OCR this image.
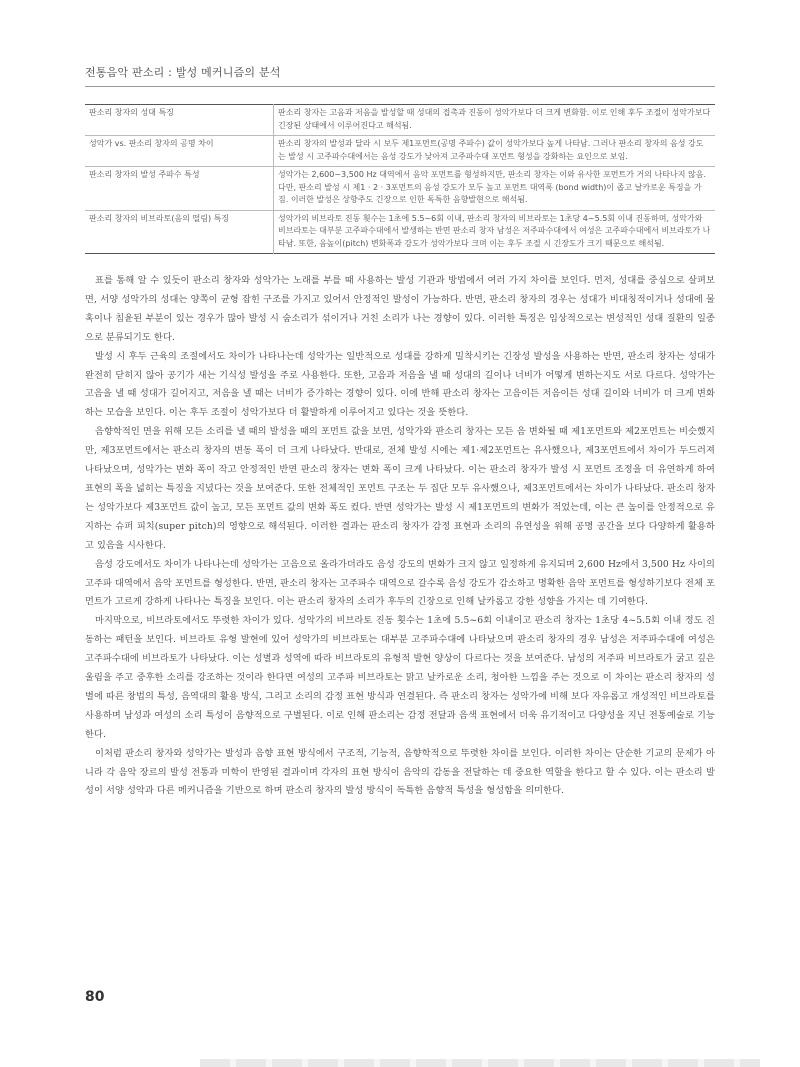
전통음악 판소리 : 발성 메커니즘의 분석
판소리 창자의 성대 특징	판소리 창자는 고음과 저음을 발성할 때 성대의 접촉과 진동이 성악가보다 더 크게 변화함. 이로 인해 후두 조절이 성악가보다 긴장된 상태에서 이루어진다고 해석됨.
성악가 vs. 판소리 창자의 공명 차이	판소리 창자의 발성과 달라 시 보두 제1포먼트(공명 주파수) 값이 성악가보다 높게 나타남. 그러나 판소리 창자의 음성 강도는 발성 시 고주파수대에서는 음성 강도가 낮아져 고주파수대 포먼트 형성을 강화하는 요인으로 보임.
판소리 창자의 발성 주파수 특성	성악가는 2,600~3,500 Hz 대역에서 음악 포먼트를 형성하지만, 판소리 창자는 이와 유사한 포먼트가 거의 나타나지 않음. 다만, 판소리 발성 시 제1 · 2 · 3포먼트의 음성 강도가 모두 높고 포먼트 대역폭 (bond width)이 좁고 날카로운 특징을 가짐. 이러한 발성은 상향주도 긴장으로 인한 독특한 음향발현으로 해석됨.
판소리 창자의 비브라토(음의 떨림) 특징	성악가의 비브라토 진동 횟수는 1초에 5.5~6회 이내, 판소리 창자의 비브라토는 1초당 4~5.5회 이내 진동하며, 성악가와 비브라토는 대부분 고주파수대에서 발생하는 반면 판소리 창자 남성은 저주파수대에서 여성은 고주파수대에서 비브라토가 나타남. 또한, 음높이(pitch) 변화폭과 강도가 성악가보다 크며 이는 후두 조절 시 긴장도가 크기 때문으로 해석됨.

표를 통해 알 수 있듯이 판소리 창자와 성악가는 노래를 부를 때 사용하는 발성 기관과 방법에서 여러 가지 차이를 보인다. 먼저, 성대를 중심으로 살펴보면, 서양 성악가의 성대는 양쪽이 균형 잡힌 구조를 가지고 있어서 안정적인 발성이 가능하다. 반면, 판소리 창자의 경우는 성대가 비대칭적이거나 성대에 물혹이나 침윤된 부분이 있는 경우가 많아 발성 시 숨소리가 섞이거나 거친 소리가 나는 경향이 있다. 이러한 특징은 임상적으로는 변성적인 성대 질환의 일종으로 분류되기도 한다.

발성 시 후두 근육의 조절에서도 차이가 나타나는데 성악가는 일반적으로 성대를 강하게 밀착시키는 긴장성 발성을 사용하는 반면, 판소리 창자는 성대가 완전히 닫히지 않아 공기가 새는 기식성 발성을 주로 사용한다. 또한, 고음과 저음을 낼 때 성대의 길이나 너비가 어떻게 변하는지도 서로 다르다. 성악가는 고음을 낼 때 성대가 길어지고, 저음을 낼 때는 너비가 증가하는 경향이 있다. 이에 반해 판소리 창자는 고음이든 저음이든 성대 길이와 너비가 더 크게 변화하는 모습을 보인다. 이는 후두 조절이 성악가보다 더 활발하게 이루어지고 있다는 것을 뜻한다.

음향학적인 면을 위해 모든 소리를 낼 때의 발성을 때의 포먼트 값을 보면, 성악가와 판소리 창자는 모든 음 변화될 때 제1포먼트와 제2포먼트는 비슷했지만, 제3포먼트에서는 판소리 창자의 변동 폭이 더 크게 나타났다. 반대로, 전체 발성 시에는 제1·제2포먼트는 유사했으나, 제3포먼트에서 차이가 두드러져 나타났으며, 성악가는 변화 폭이 작고 안정적인 반면 판소리 창자는 변화 폭이 크게 나타났다. 이는 판소리 창자가 발성 시 포먼트 조정을 더 유연하게 하여 표현의 폭을 넓히는 특징을 지녔다는 것을 보여준다. 또한 전체적인 포먼트 구조는 두 집단 모두 유사했으나, 제3포먼트에서는 차이가 나타났다. 판소리 창자는 성악가보다 제3포먼트 값이 높고, 모든 포먼트 값의 변화 폭도 컸다. 반면 성악가는 발성 시 제1포먼트의 변화가 적었는데, 이는 큰 높이를 안정적으로 유지하는 슈퍼 피치(super pitch)의 영향으로 해석된다. 이러한 결과는 판소리 창자가 감정 표현과 소리의 유연성을 위해 공명 공간을 보다 다양하게 활용하고 있음을 시사한다.

음성 강도에서도 차이가 나타나는데 성악가는 고음으로 올라가더라도 음성 강도의 변화가 크지 않고 일정하게 유지되며 2,600 Hz에서 3,500 Hz 사이의 고주파 대역에서 음악 포먼트를 형성한다. 반면, 판소리 창자는 고주파수 대역으로 갈수록 음성 강도가 감소하고 명확한 음악 포먼트를 형성하기보다 전체 포먼트가 고르게 강하게 나타나는 특징을 보인다. 이는 판소리 창자의 소리가 후두의 긴장으로 인해 날카롭고 강한 성향을 가지는 데 기여한다.

마지막으로, 비브라토에서도 뚜렷한 차이가 있다. 성악가의 비브라토 진동 횟수는 1초에 5.5~6회 이내이고 판소리 창자는 1초당 4~5.5회 이내 정도 진동하는 패턴을 보인다. 비브라토 유형 발현에 있어 성악가의 비브라토는 대부분 고주파수대에 나타났으며 판소리 창자의 경우 남성은 저주파수대에 여성은 고주파수대에 비브라토가 나타났다. 이는 성별과 성역에 따라 비브라토의 유형적 발현 양상이 다르다는 것을 보여준다. 남성의 저주파 비브라토가 굵고 깊은 울림을 주고 중후한 소리를 강조하는 것이라 한다면 여성의 고주파 비브라토는 맑고 날카로운 소리, 청아한 느낌을 주는 것으로 이 차이는 판소리 창자의 성별에 따른 창법의 특성, 음역대의 활용 방식, 그리고 소리의 감정 표현 방식과 연결된다. 즉 판소리 창자는 성악가에 비해 보다 자유롭고 개성적인 비브라토를 사용하며 남성과 여성의 소리 특성이 음향적으로 구별된다. 이로 인해 판소리는 감정 전달과 음색 표현에서 더욱 유기적이고 다양성을 지닌 전통예술로 기능한다.

이처럼 판소리 창자와 성악가는 발성과 음향 표현 방식에서 구조적, 기능적, 음향학적으로 뚜렷한 차이를 보인다. 이러한 차이는 단순한 기교의 문제가 아니라 각 음악 장르의 발성 전통과 미학이 반영된 결과이며 각자의 표현 방식이 음악의 감동을 전달하는 데 중요한 역할을 한다고 할 수 있다. 이는 판소리 발성이 서양 성악과 다른 메커니즘을 기반으로 하며 판소리 창자의 발성 방식이 독특한 음향적 특성을 형성함을 의미한다.

80
